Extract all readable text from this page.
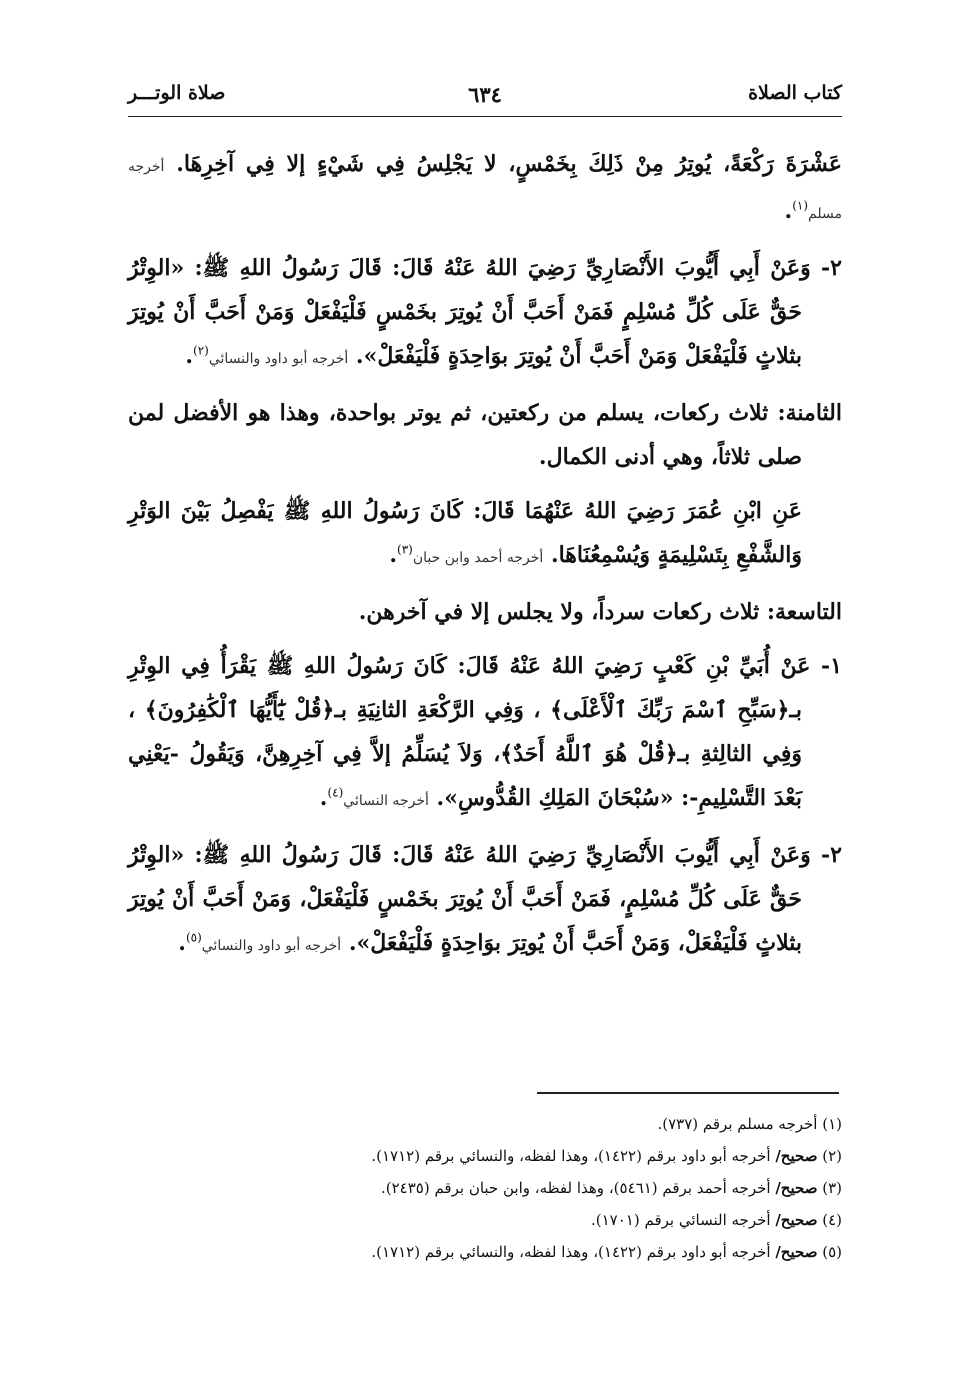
كتاب الصلاة
٦٣٤
صلاة الوتـــر

عَشْرَةَ رَكْعَةً، يُوتِرُ مِنْ ذَلِكَ بِخَمْسٍ، لا يَجْلِسُ فِي شَيْءٍ إلا فِي آخِرِهَا. أخرجه مسلم$^{(١)}$.

٢- وَعَنْ أَبِي أَيُّوبَ الأَنْصَارِيِّ رَضِيَ اللهُ عَنْهُ قَالَ: قَالَ رَسُولُ اللهِ ﷺ: «الوِتْرُ حَقٌّ عَلَى كُلِّ مُسْلِمٍ فَمَنْ أَحَبَّ أَنْ يُوتِرَ بخَمْسٍ فَلْيَفْعَلْ وَمَنْ أَحَبَّ أَنْ يُوتِرَ بثلاثٍ فَلْيَفْعَلْ وَمَنْ أَحَبَّ أَنْ يُوتِرَ بوَاحِدَةٍ فَلْيَفْعَلْ». أخرجه أبو داود والنسائي$^{(٢)}$.

الثامنة: ثلاث ركعات، يسلم من ركعتين، ثم يوتر بواحدة، وهذا هو الأفضل لمن صلى ثلاثاً، وهي أدنى الكمال.

عَنِ ابْنِ عُمَرَ رَضِيَ اللهُ عَنْهُمَا قَالَ: كَانَ رَسُولُ اللهِ ﷺ يَفْصِلُ بَيْنَ الوَتْرِ وَالشَّفْعِ بِتَسْلِيمَةٍ وَيُسْمِعُنَاهَا. أخرجه أحمد وابن حبان$^{(٣)}$.

التاسعة: ثلاث ركعات سرداً، ولا يجلس إلا في آخرهن.

١- عَنْ أُبَيِّ بْنِ كَعْبٍ رَضِيَ اللهُ عَنْهُ قَالَ: كَانَ رَسُولُ اللهِ ﷺ يَقْرَأُ فِي الوِتْرِ بـ﴿سَبِّحِ ٱسْمَ رَبِّكَ ٱلْأَعْلَى﴾ ، وَفِي الرَّكْعَةِ الثانِيَةِ بـ﴿قُلْ يَٰٓأَيُّهَا ٱلْكَٰفِرُونَ﴾ ، وَفِي الثالِثةِ بـ﴿قُلْ هُوَ ٱللَّهُ أَحَدٌ﴾، وَلاَ يُسَلِّمُ إلاَّ فِي آخِرِهِنَّ، وَيَقُولُ -يَعْنِي بَعْدَ التَّسْلِيمِ-: «سُبْحَانَ المَلِكِ القُدُّوسِ». أخرجه النسائي$^{(٤)}$.

٢- وَعَنْ أَبِي أَيُّوبَ الأَنْصَارِيِّ رَضِيَ اللهُ عَنْهُ قَالَ: قَالَ رَسُولُ اللهِ ﷺ: «الوِتْرُ حَقٌّ عَلَى كُلِّ مُسْلِمٍ، فَمَنْ أَحَبَّ أَنْ يُوتِرَ بخَمْسٍ فَلْيَفْعَلْ، وَمَنْ أَحَبَّ أَنْ يُوتِرَ بثلاثٍ فَلْيَفْعَلْ، وَمَنْ أَحَبَّ أَنْ يُوتِرَ بوَاحِدَةٍ فَلْيَفْعَلْ». أخرجه أبو داود والنسائي$^{(٥)}$.

(١) أخرجه مسلم برقم (٧٣٧).

(٢) صحيح/ أخرجه أبو داود برقم (١٤٢٢)، وهذا لفظه، والنسائي برقم (١٧١٢).

(٣) صحيح/ أخرجه أحمد برقم (٥٤٦١)، وهذا لفظه، وابن حبان برقم (٢٤٣٥).

(٤) صحيح/ أخرجه النسائي برقم (١٧٠١).

(٥) صحيح/ أخرجه أبو داود برقم (١٤٢٢)، وهذا لفظه، والنسائي برقم (١٧١٢).
